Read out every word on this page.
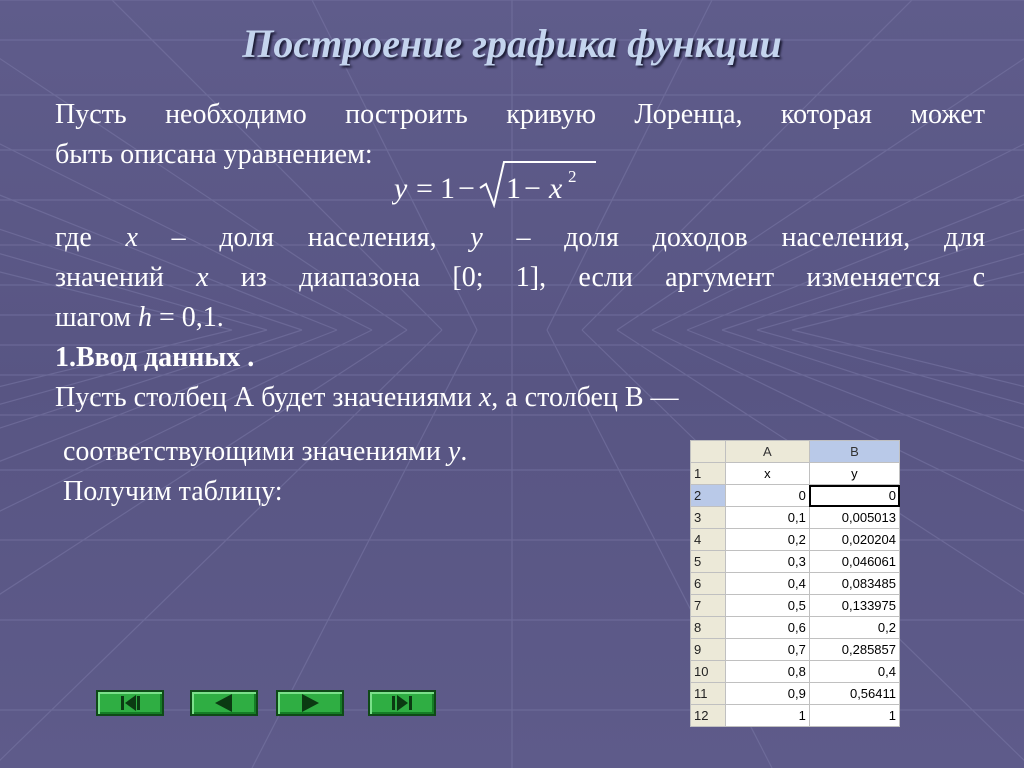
Построение графика функции
Пусть необходимо построить кривую Лоренца, которая может
быть описана уравнением:
y = 1 − 1 − x 2
где x – доля населения, y – доля доходов населения, для
значений x из диапазона [0; 1], если аргумент изменяется с
шагом h = 0,1.
1.Ввод данных .
Пусть столбец А будет значениями x, а столбец В —
соответствующими значениями y.
Получим таблицу:
	A	B
1	x	y
2	0	0
3	0,1	0,005013
4	0,2	0,020204
5	0,3	0,046061
6	0,4	0,083485
7	0,5	0,133975
8	0,6	0,2
9	0,7	0,285857
10	0,8	0,4
11	0,9	0,56411
12	1	1
